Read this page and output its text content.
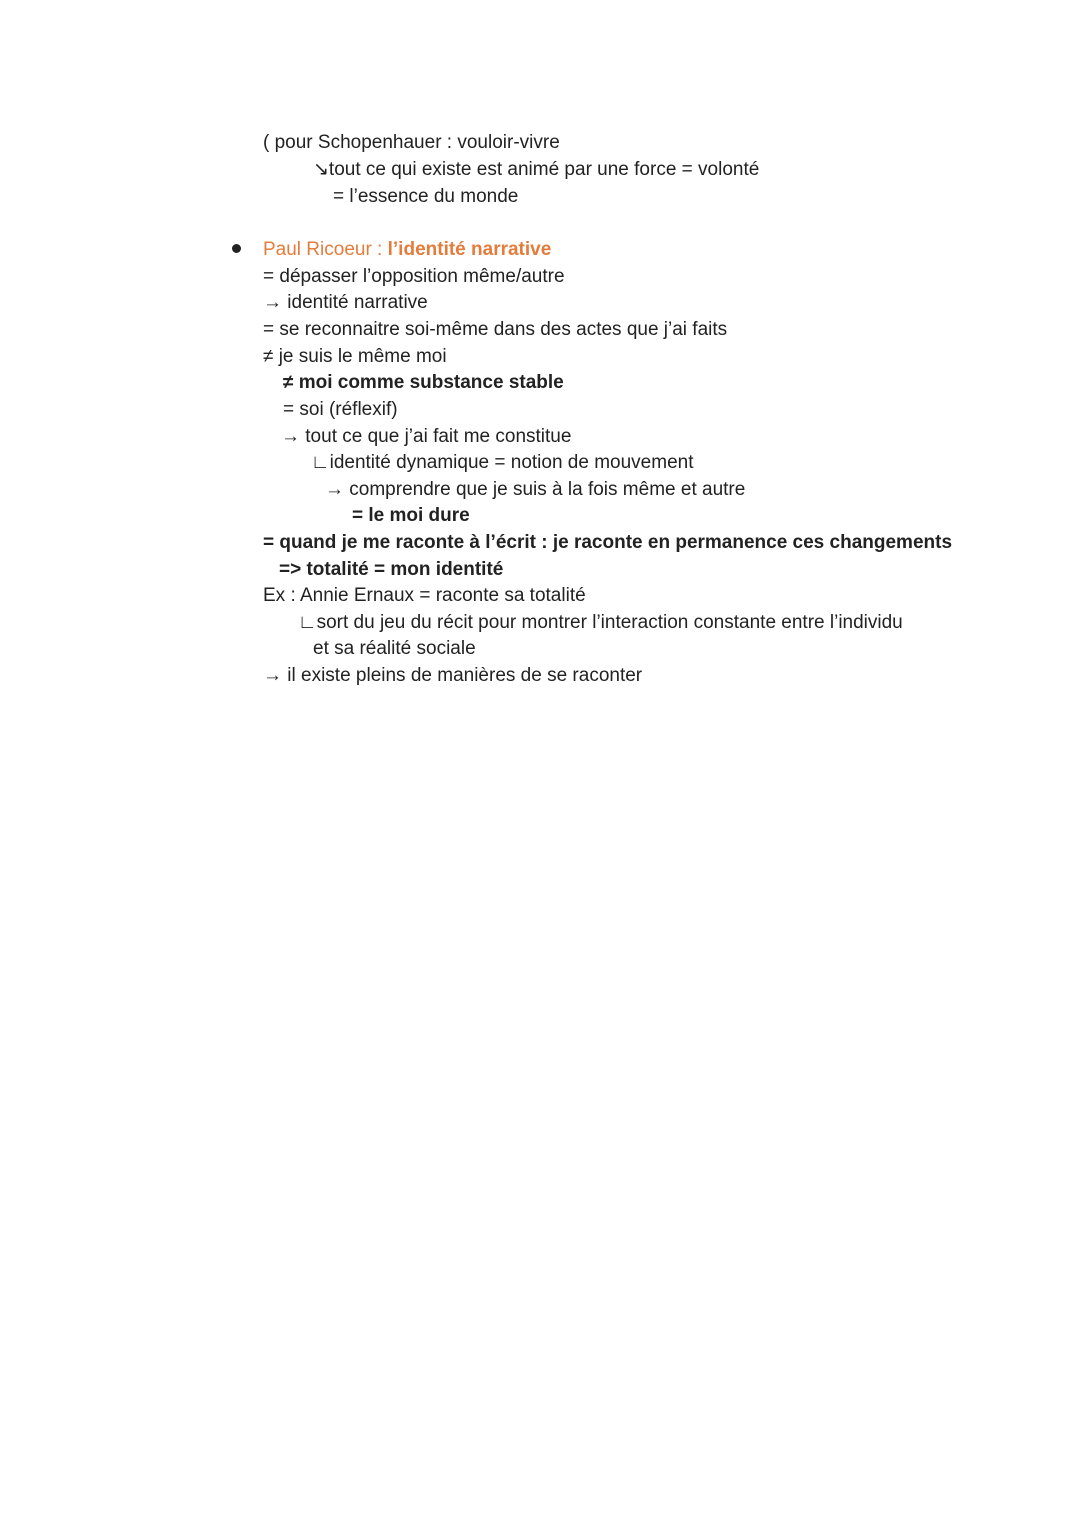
( pour Schopenhauer : vouloir-vivre
↘tout ce qui existe est animé par une force = volonté
= l’essence du monde
Paul Ricoeur : l’identité narrative
= dépasser l’opposition même/autre
→ identité narrative
= se reconnaitre soi-même dans des actes que j’ai faits
≠ je suis le même moi
≠ moi comme substance stable
= soi (réflexif)
→ tout ce que j’ai fait me constitue
∟identité dynamique = notion de mouvement
→ comprendre que je suis à la fois même et autre
= le moi dure
= quand je me raconte à l’écrit : je raconte en permanence ces changements
=> totalité = mon identité
Ex : Annie Ernaux = raconte sa totalité
∟sort du jeu du récit pour montrer l’interaction constante entre l’individu
et sa réalité sociale
→ il existe pleins de manières de se raconter
